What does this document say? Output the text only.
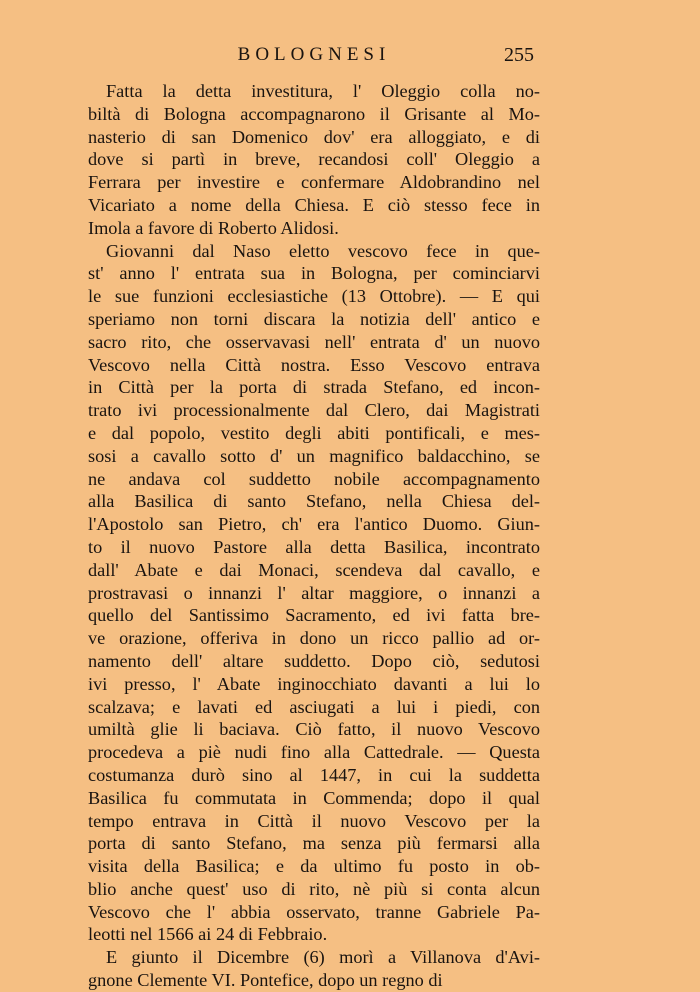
BOLOGNESI	255
Fatta la detta investitura, l' Oleggio colla no-
biltà di Bologna accompagnarono il Grisante al Mo-
nasterio di san Domenico dov' era alloggiato, e di
dove si partì in breve, recandosi coll' Oleggio a
Ferrara per investire e confermare Aldobrandino nel
Vicariato a nome della Chiesa. E ciò stesso fece in
Imola a favore di Roberto Alidosi.
Giovanni dal Naso eletto vescovo fece in que-
st' anno l' entrata sua in Bologna, per cominciarvi
le sue funzioni ecclesiastiche (13 Ottobre). — E qui
speriamo non torni discara la notizia dell' antico e
sacro rito, che osservavasi nell' entrata d' un nuovo
Vescovo nella Città nostra. Esso Vescovo entrava
in Città per la porta di strada Stefano, ed incon-
trato ivi processionalmente dal Clero, dai Magistrati
e dal popolo, vestito degli abiti pontificali, e mes-
sosi a cavallo sotto d' un magnifico baldacchino, se
ne andava col suddetto nobile accompagnamento
alla Basilica di santo Stefano, nella Chiesa del-
l'Apostolo san Pietro, ch' era l'antico Duomo. Giun-
to il nuovo Pastore alla detta Basilica, incontrato
dall' Abate e dai Monaci, scendeva dal cavallo, e
prostravasi o innanzi l' altar maggiore, o innanzi a
quello del Santissimo Sacramento, ed ivi fatta bre-
ve orazione, offeriva in dono un ricco pallio ad or-
namento dell' altare suddetto. Dopo ciò, sedutosi
ivi presso, l' Abate inginocchiato davanti a lui lo
scalzava; e lavati ed asciugati a lui i piedi, con
umiltà glie li baciava. Ciò fatto, il nuovo Vescovo
procedeva a piè nudi fino alla Cattedrale. — Questa
costumanza durò sino al 1447, in cui la suddetta
Basilica fu commutata in Commenda; dopo il qual
tempo entrava in Città il nuovo Vescovo per la
porta di santo Stefano, ma senza più fermarsi alla
visita della Basilica; e da ultimo fu posto in ob-
blio anche quest' uso di rito, nè più si conta alcun
Vescovo che l' abbia osservato, tranne Gabriele Pa-
leotti nel 1566 ai 24 di Febbraio.
E giunto il Dicembre (6) morì a Villanova d'Avi-
gnone Clemente VI. Pontefice, dopo un regno di
